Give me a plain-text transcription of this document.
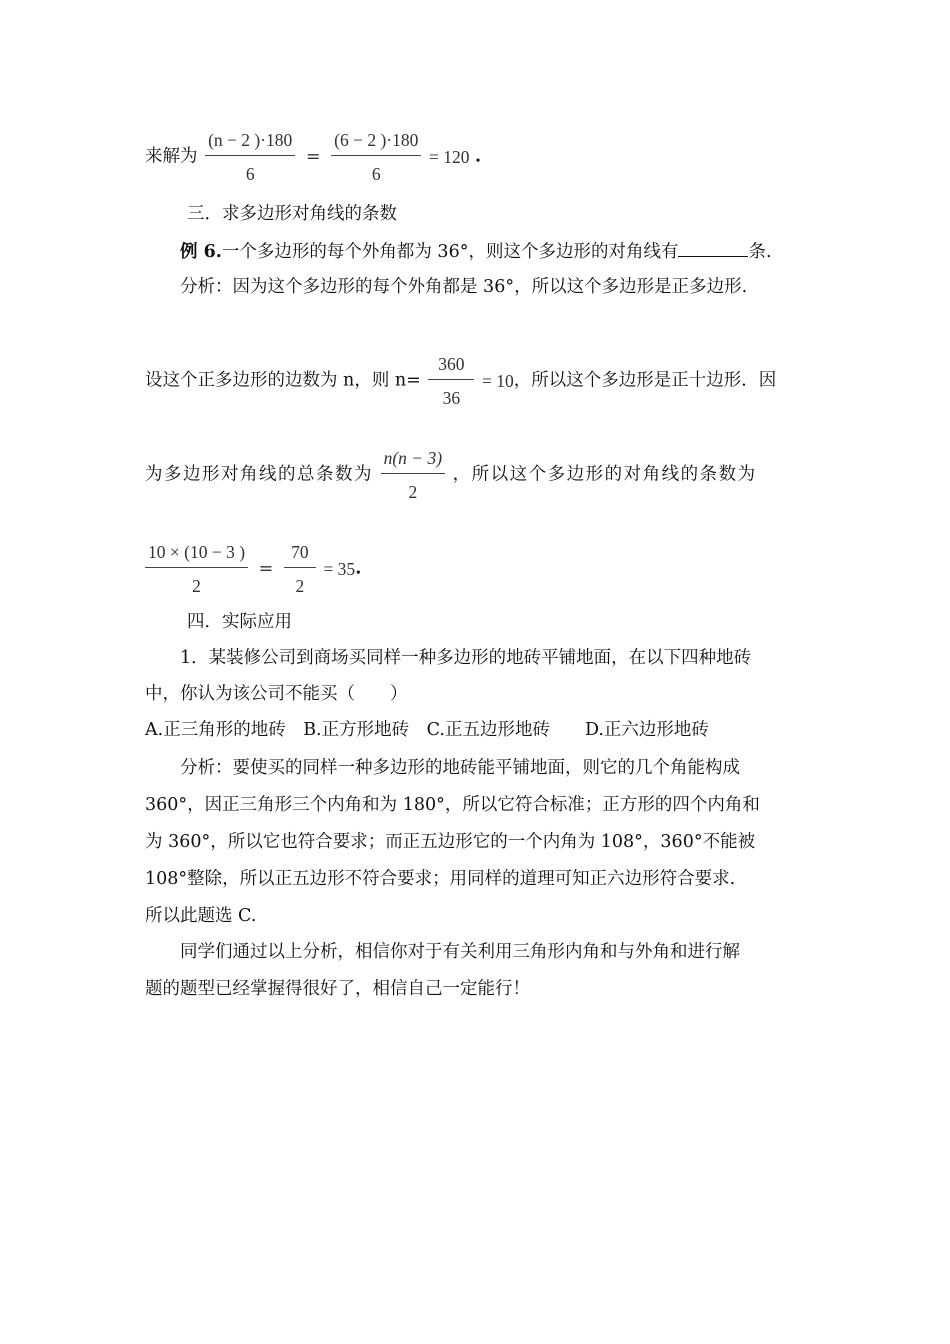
来解为 $\frac{(n - 2 )\cdot 180}{6} = \frac{(6 - 2 )\cdot 180}{6} = 120$ .
三．求多边形对角线的条数
例 6.一个多边形的每个外角都为 36°，则这个多边形的对角线有	条.
分析：因为这个多边形的每个外角都是 36°，所以这个多边形是正多边形.
设这个正多边形的边数为 n，则 $n= \frac{360}{36} = 10$，所以这个多边形是正十边形．因
为多边形对角线的总条数为 $\frac{n(n - 3)}{2}$ ，所以这个多边形的对角线的条数为
$\frac{10 \times (10 - 3 )}{2} = \frac{70}{2} = 35$.
四．实际应用
1．某装修公司到商场买同样一种多边形的地砖平铺地面，在以下四种地砖
中，你认为该公司不能买（　　）
A.正三角形的地砖　B.正方形地砖　C.正五边形地砖　　D.正六边形地砖
分析：要使买的同样一种多边形的地砖能平铺地面，则它的几个角能构成
360°，因正三角形三个内角和为 180°，所以它符合标准；正方形的四个内角和
为 360°，所以它也符合要求；而正五边形它的一个内角为 108°，360°不能被
108°整除，所以正五边形不符合要求；用同样的道理可知正六边形符合要求.
所以此题选 C.
同学们通过以上分析，相信你对于有关利用三角形内角和与外角和进行解
题的题型已经掌握得很好了，相信自己一定能行！
